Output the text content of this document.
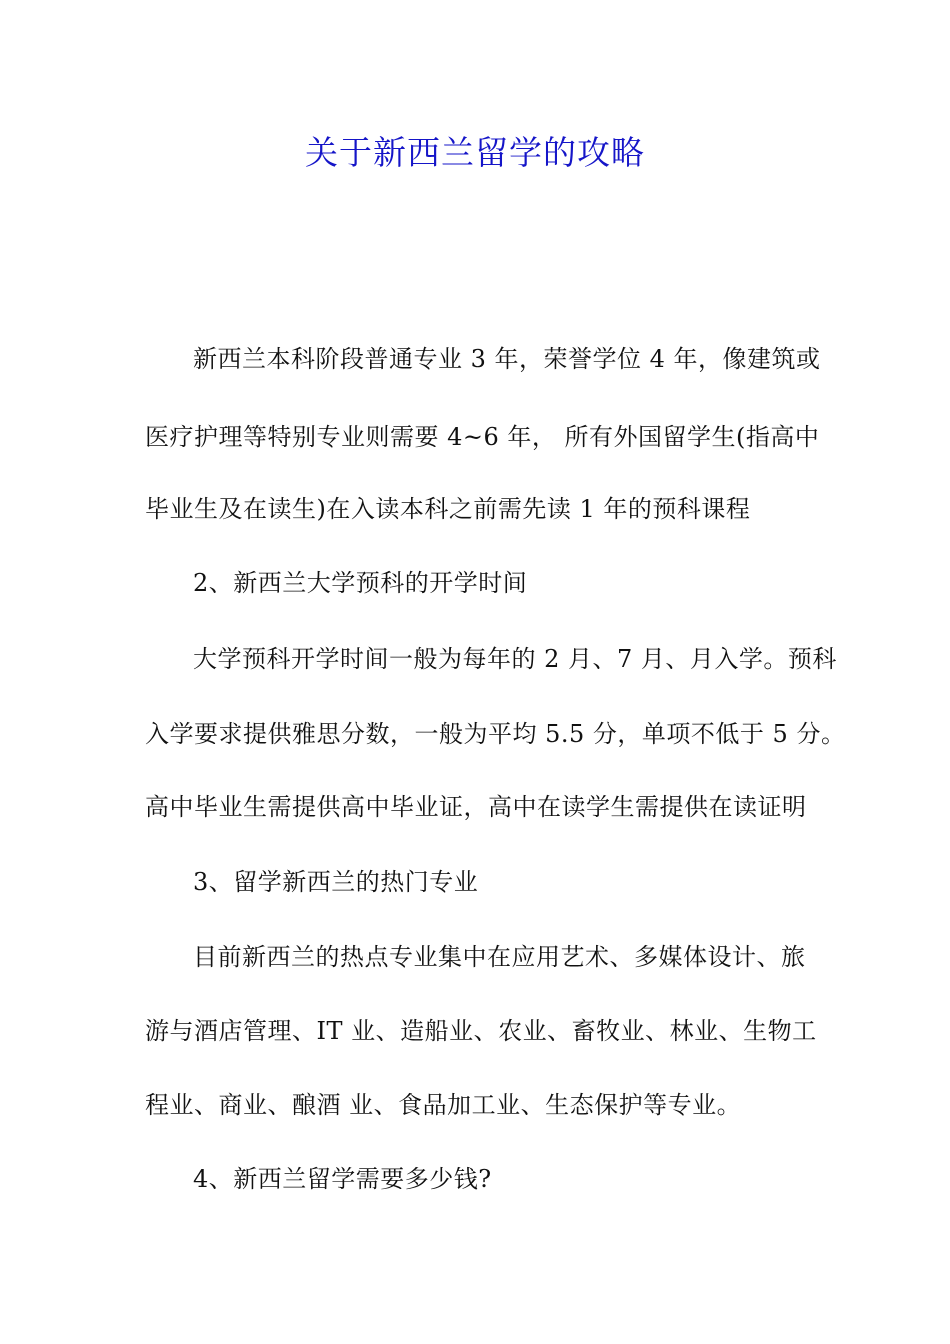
关于新西兰留学的攻略
新西兰本科阶段普通专业 3 年，荣誉学位 4 年，像建筑或
医疗护理等特别专业则需要 4~6 年， 所有外国留学生(指高中
毕业生及在读生)在入读本科之前需先读 1 年的预科课程
2、新西兰大学预科的开学时间
大学预科开学时间一般为每年的 2 月、7 月、月入学。预科
入学要求提供雅思分数，一般为平均 5.5 分，单项不低于 5 分。
高中毕业生需提供高中毕业证，高中在读学生需提供在读证明
3、留学新西兰的热门专业
目前新西兰的热点专业集中在应用艺术、多媒体设计、旅
游与酒店管理、IT 业、造船业、农业、畜牧业、林业、生物工
程业、商业、酿酒 业、食品加工业、生态保护等专业。
4、新西兰留学需要多少钱?
